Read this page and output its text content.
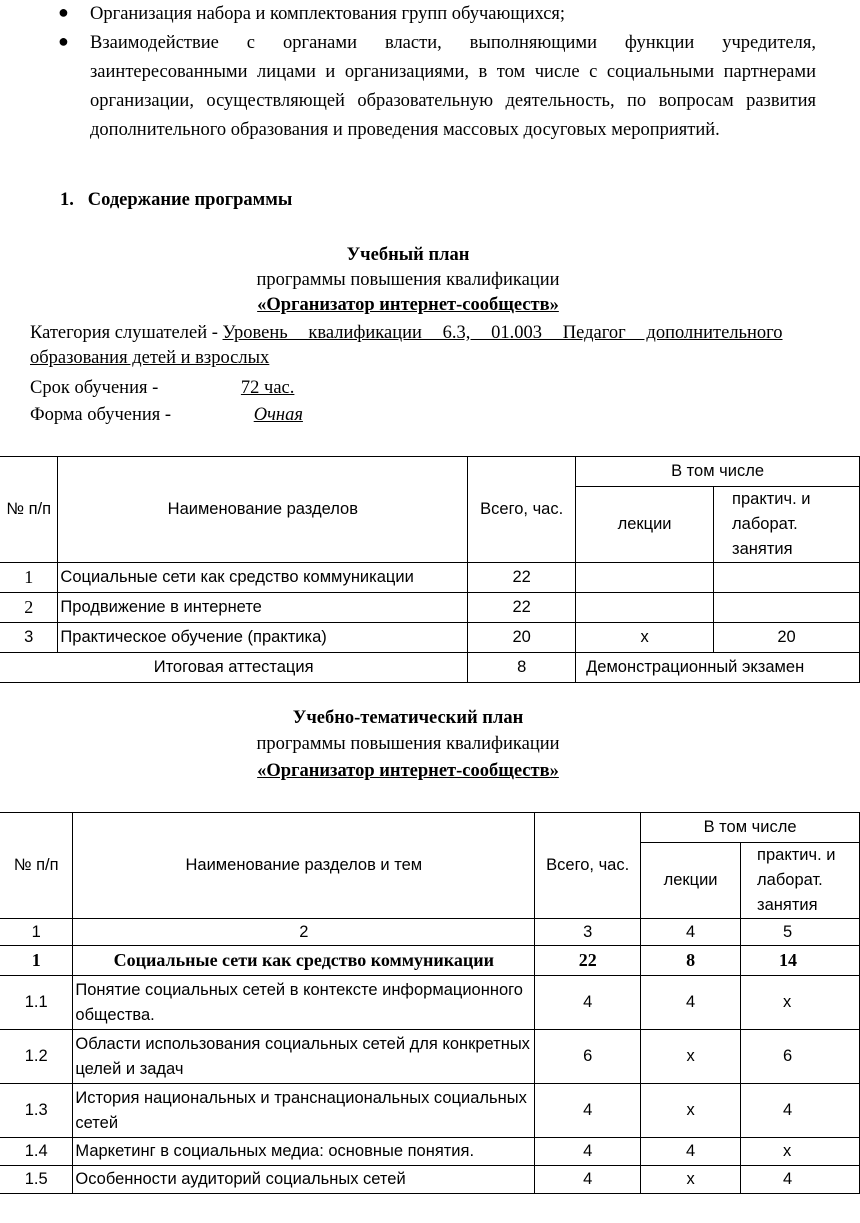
● Организация набора и комплектования групп обучающихся;
● Взаимодействие с органами власти, выполняющими функции учредителя, заинтересованными лицами и организациями, в том числе с социальными партнерами организации, осуществляющей образовательную деятельность, по вопросам развития дополнительного образования и проведения массовых досуговых мероприятий.
1. Содержание программы
Учебный план
программы повышения квалификации
«Организатор интернет-сообществ»
Категория слушателей - Уровень квалификации 6.3, 01.003 Педагог дополнительного
образования детей и взрослых
Срок обучения -	72 час.
Форма обучения -	Очная
№ п/п	Наименование разделов	Всего, час.	В том числе	
			лекции	практич. и лаборат. занятия
1	Социальные сети как средство коммуникации	22		
2	Продвижение в интернете	22		
3	Практическое обучение (практика)	20	х	20
Итоговая аттестация		8	Демонстрационный экзамен	
Учебно-тематический план
программы повышения квалификации
«Организатор интернет-сообществ»
№ п/п	Наименование разделов и тем	Всего, час.	В том числе	
			лекции	практич. и лаборат. занятия
1	2	3	4	5
1	Социальные сети как средство коммуникации	22	8	14
1.1	Понятие социальных сетей в контексте информационного общества.	4	4	х
1.2	Области использования социальных сетей для конкретных целей и задач	6	х	6
1.3	История национальных и транснациональных социальных сетей	4	х	4
1.4	Маркетинг в социальных медиа: основные понятия.	4	4	х
1.5	Особенности аудиторий социальных сетей	4	х	4
